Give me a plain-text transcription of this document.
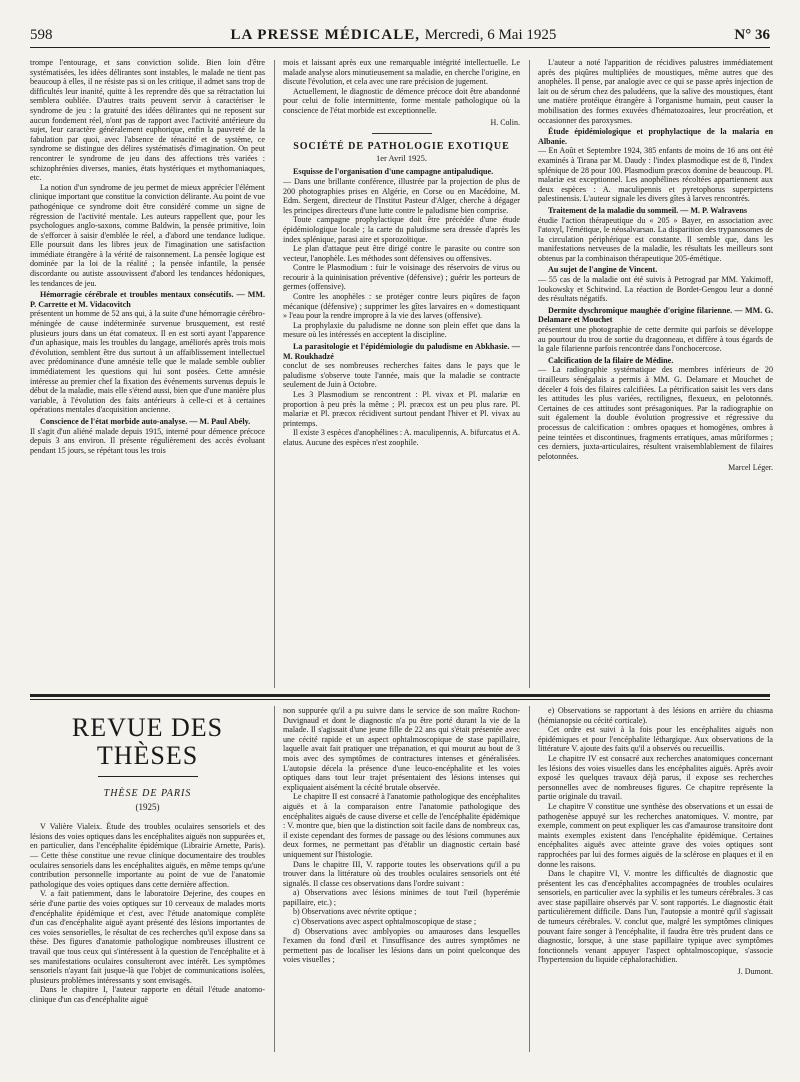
598	LA PRESSE MÉDICALE, Mercredi, 6 Mai 1925	N° 36

trompe l'entourage, et sans conviction solide. Bien loin d'être systématisées, les idées délirantes sont instables, le malade ne tient pas beaucoup à elles, il ne résiste pas si on les critique, il admet sans trop de difficultés leur inanité, quitte à les reprendre dès que sa rétractation lui semblera oubliée. D'autres traits peuvent servir à caractériser le syndrome de jeu : la gratuité des idées délirantes qui ne reposent sur aucun fondement réel, n'ont pas de rapport avec l'activité antérieure du sujet, leur caractère généralement euphorique, enfin la pauvreté de la fabulation par quoi, avec l'absence de ténacité et de système, ce syndrome se distingue des délires systématisés d'imagination. On peut rencontrer le syndrome de jeu dans des affections très variées : schizophrénies diverses, manies, états hystériques et mythomaniaques, etc.

La notion d'un syndrome de jeu permet de mieux apprécier l'élément clinique important que constitue la conviction délirante. Au point de vue pathogénique ce syndrome doit être considéré comme un signe de régression de l'activité mentale. Les auteurs rappellent que, pour les psychologues anglo-saxons, comme Baldwin, la pensée primitive, loin de s'efforcer à saisir d'emblée le réel, a d'abord une tendance ludique. Elle poursuit dans les libres jeux de l'imagination une satisfaction immédiate étrangère à la vérité de raisonnement. La pensée logique est dominée par la loi de la réalité ; la pensée infantile, la pensée discordante ou autiste assouvissent d'abord les tendances hédoniques, les tendances de jeu.

Hémorragie cérébrale et troubles mentaux consécutifs. — MM. P. Carrette et M. Vidacovitch

présentent un homme de 52 ans qui, à la suite d'une hémorragie cérébro-méningée de cause indéterminée survenue brusquement, est resté plusieurs jours dans un état comateux. Il en est sorti ayant l'apparence d'un aphasique, mais les troubles du langage, améliorés après trois mois d'évolution, semblent être dus surtout à un affaiblissement intellectuel avec prédominance d'une amnésie telle que le malade semble oublier immédiatement les questions qui lui sont posées. Cette amnésie intéresse au premier chef la fixation des événements survenus depuis le début de la maladie, mais elle s'étend aussi, bien que d'une manière plus variable, à l'évolution des faits antérieurs à celle-ci et à certaines opérations mentales d'acquisition ancienne.

Conscience de l'état morbide auto-analyse. — M. Paul Abély.

Il s'agit d'un aliéné malade depuis 1915, interné pour démence précoce depuis 3 ans environ. Il présente régulièrement des accès évoluant pendant 15 jours, se répétant tous les trois

mois et laissant après eux une remarquable intégrité intellectuelle. Le malade analyse alors minutieusement sa maladie, en cherche l'origine, en discute l'évolution, et cela avec une rare précision de jugement.

Actuellement, le diagnostic de démence précoce doit être abandonné pour celui de folie intermittente, forme mentale pathologique où la conscience de l'état morbide est exceptionnelle.

H. Colin.
SOCIÉTÉ DE PATHOLOGIE EXOTIQUE
1er Avril 1925.

Esquisse de l'organisation d'une campagne antipaludique.

— Dans une brillante conférence, illustrée par la projection de plus de 200 photographies prises en Algérie, en Corse ou en Macédoine, M. Edm. Sergent, directeur de l'Institut Pasteur d'Alger, cherche à dégager les principes directeurs d'une lutte contre le paludisme bien comprise.

Toute campagne prophylactique doit être précédée d'une étude épidémiologique locale ; la carte du paludisme sera dressée d'après les index splénique, parasi aire et sporozoïtique.

Le plan d'attaque peut être dirigé contre le parasite ou contre son vecteur, l'anophèle. Les méthodes sont défensives ou offensives.

Contre le Plasmodium : fuir le voisinage des réservoirs de virus ou recourir à la quininisation préventive (défensive) ; guérir les porteurs de germes (offensive).

Contre les anophèles : se protéger contre leurs piqûres de façon mécanique (défensive) ; supprimer les gîtes larvaires en « domestiquant » l'eau pour la rendre impropre à la vie des larves (offensive).

La prophylaxie du paludisme ne donne son plein effet que dans la mesure où les intéressés en acceptent la discipline.

La parasitologie et l'épidémiologie du paludisme en Abkhasie. — M. Roukhadzé

conclut de ses nombreuses recherches faites dans le pays que le paludisme s'observe toute l'année, mais que la maladie se contracte seulement de Juin à Octobre.

Les 3 Plasmodium se rencontrent : Pl. vivax et Pl. malariæ en proportion à peu près la même ; Pl. præcox est un peu plus rare. Pl. malariæ et Pl. præcox récidivent surtout pendant l'hiver et Pl. vivax au printemps.

Il existe 3 espèces d'anophélines : A. maculipennis, A. bifurcatus et A. elatus. Aucune des espèces n'est zoophile.

L'auteur a noté l'apparition de récidives palustres immédiatement après des piqûres multipliées de moustiques, même autres que des anophèles. Il pense, par analogie avec ce qui se passe après injection de lait ou de sérum chez des paludéens, que la salive des moustiques, étant une matière protéique étrangère à l'organisme humain, peut causer la mobilisation des formes exuvées d'hématozoaires, leur procréation, et occasionner des paroxysmes.

Étude épidémiologique et prophylactique de la malaria en Albanie.

— En Août et Septembre 1924, 385 enfants de moins de 16 ans ont été examinés à Tirana par M. Daudy : l'index plasmodique est de 8, l'index splénique de 28 pour 100. Plasmodium præcox domine de beaucoup. Pl. malariæ est exceptionnel. Les anophélines récoltées appartiennent aux deux espèces : A. maculipennis et pyretophorus superpictens palestinensis. L'auteur signale les divers gîtes à larves rencontrés.

Traitement de la maladie du sommeil. — M. P. Walravens

étudie l'action thérapeutique du « 205 » Bayer, en association avec l'atoxyl, l'émétique, le néosalvarsan. La disparition des trypanosomes de la circulation périphérique est constante. Il semble que, dans les manifestations nerveuses de la maladie, les résultats les meilleurs sont obtenus par la combinaison thérapeutique 205-émétique.

Au sujet de l'angine de Vincent.

— 55 cas de la maladie ont été suivis à Petrograd par MM. Yakimoff, Ioukowsky et Schitwind. La réaction de Bordet-Gengou leur a donné des résultats négatifs.

Dermite dyschromique maughée d'origine filarienne. — MM. G. Delamare et Mouchet

présentent une photographie de cette dermite qui parfois se développe au pourtour du trou de sortie du dragonneau, et diffère à tous égards de la gale filarienne parfois rencontrée dans l'onchocercose.

Calcification de la filaire de Médine.

— La radiographie systématique des membres inférieurs de 20 tirailleurs sénégalais a permis à MM. G. Delamare et Mouchet de déceler 4 fois des filaires calcifiées. La pétrification saisit les vers dans les attitudes les plus variées, rectilignes, flexueux, en pelotonnés. Certaines de ces attitudes sont présagoniques. Par la radiographie on suit également la double évolution progressive et régressive du processus de calcification : ombres opaques et homogènes, ombres à peine teintées et discontinues, fragments erratiques, amas mûriformes ; ces derniers, juxta-articulaires, résultent vraisemblablement de filaires pelotonnées.

Marcel Léger.
REVUE DES THÈSES
THÈSE DE PARIS
(1925)

V Valière Vialeix. Étude des troubles oculaires sensoriels et des lésions des voies optiques dans les encéphalites aiguës non suppurées et, en particulier, dans l'encéphalite épidémique (Librairie Arnette, Paris). — Cette thèse constitue une revue clinique documentaire des troubles oculaires sensoriels dans les encéphalites aiguës, en même temps qu'une contribution personnelle importante au point de vue de l'anatomie pathologique des voies optiques dans cette dernière affection.

V. a fait patiemment, dans le laboratoire Dejerine, des coupes en série d'une partie des voies optiques sur 10 cerveaux de malades morts d'encéphalite épidémique et c'est, avec l'étude anatomique complète d'un cas d'encéphalite aiguë ayant présenté des lésions importantes de ces voies sensorielles, le résultat de ces recherches qu'il expose dans sa thèse. Des figures d'anatomie pathologique nombreuses illustrent ce travail que tous ceux qui s'intéressent à la question de l'encéphalite et à ses manifestations oculaires consulteront avec intérêt. Les symptômes sensoriels n'ayant fait jusque-là que l'objet de communications isolées, plusieurs problèmes intéressants y sont envisagés.

Dans le chapitre I, l'auteur rapporte en détail l'étude anatomo-clinique d'un cas d'encéphalite aiguë

non suppurée qu'il a pu suivre dans le service de son maître Rochon-Duvignaud et dont le diagnostic n'a pu être porté durant la vie de la malade. Il s'agissait d'une jeune fille de 22 ans qui s'était présentée avec une cécité rapide et un aspect ophtalmoscopique de stase papillaire, laquelle avait fait pratiquer une trépanation, et qui mourut au bout de 3 mois avec des symptômes de contractures intenses et généralisées. L'autopsie décela la présence d'une leuco-encéphalite et les voies optiques dans tout leur trajet présentaient des lésions intenses qui expliquaient aisément la cécité brutale observée.

Le chapitre II est consacré à l'anatomie pathologique des encéphalites aiguës et à la comparaison entre l'anatomie pathologique des encéphalites aiguës de cause diverse et celle de l'encéphalite épidémique : V. montre que, bien que la distinction soit facile dans de nombreux cas, il existe cependant des formes de passage ou des lésions communes aux deux formes, ne permettant pas d'établir un diagnostic certain basé uniquement sur l'histologie.

Dans le chapitre III, V. rapporte toutes les observations qu'il a pu trouver dans la littérature où des troubles oculaires sensoriels ont été signalés. Il classe ces observations dans l'ordre suivant :

a) Observations avec lésions minimes de tout l'œil (hyperémie papillaire, etc.) ;

b) Observations avec névrite optique ;

c) Observations avec aspect ophtalmoscopique de stase ;

d) Observations avec amblyopies ou amauroses dans lesquelles l'examen du fond d'œil et l'insuffisance des autres symptômes ne permettent pas de localiser les lésions dans un point quelconque des voies visuelles ;

e) Observations se rapportant à des lésions en arrière du chiasma (hémianopsie ou cécité corticale).

Cet ordre est suivi à la fois pour les encéphalites aiguës non épidémiques et pour l'encéphalite léthargique. Aux observations de la littérature V. ajoute des faits qu'il a observés ou recueillis.

Le chapitre IV est consacré aux recherches anatomiques concernant les lésions des voies visuelles dans les encéphalites aiguës. Après avoir exposé les quelques travaux déjà parus, il expose ses recherches personnelles avec de nombreuses figures. Ce chapitre représente la partie originale du travail.

Le chapitre V constitue une synthèse des observations et un essai de pathogenèse appuyé sur les recherches anatomiques. V. montre, par exemple, comment on peut expliquer les cas d'amaurose transitoire dont maints exemples existent dans l'encéphalite épidémique. Certaines encéphalites aiguës avec atteinte grave des voies optiques sont rapprochées par lui des formes aiguës de la sclérose en plaques et il en donne les raisons.

Dans le chapitre VI, V. montre les difficultés de diagnostic que présentent les cas d'encéphalites accompagnées de troubles oculaires sensoriels, en particulier avec la syphilis et les tumeurs cérébrales. 3 cas avec stase papillaire observés par V. sont rapportés. Le diagnostic était particulièrement difficile. Dans l'un, l'autopsie a montré qu'il s'agissait de tumeurs cérébrales. V. conclut que, malgré les symptômes cliniques pouvant faire songer à l'encéphalite, il faudra être très prudent dans ce diagnostic, lorsque, à une stase papillaire typique avec symptômes fonctionnels venant appuyer l'aspect ophtalmoscopique, s'associe l'hypertension du liquide céphalorachidien.

J. Dumont.
